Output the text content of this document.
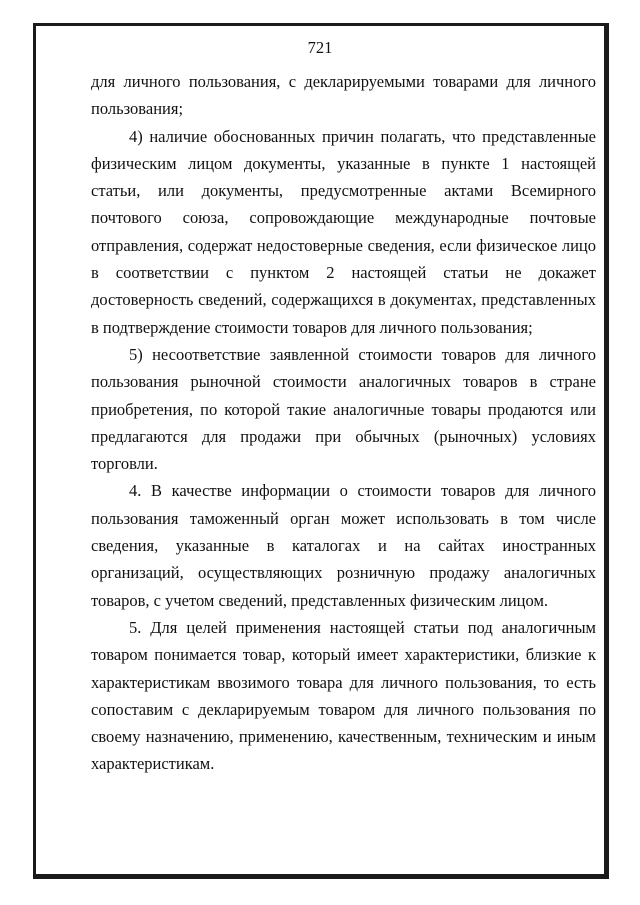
721

для личного пользования, с декларируемыми товарами для личного пользования;

4) наличие обоснованных причин полагать, что представленные физическим лицом документы, указанные в пункте 1 настоящей статьи, или документы, предусмотренные актами Всемирного почтового союза, сопровождающие международные почтовые отправления, содержат недостоверные сведения, если физическое лицо в соответствии с пунктом 2 настоящей статьи не докажет достоверность сведений, содержащихся в документах, представленных в подтверждение стоимости товаров для личного пользования;

5) несоответствие заявленной стоимости товаров для личного пользования рыночной стоимости аналогичных товаров в стране приобретения, по которой такие аналогичные товары продаются или предлагаются для продажи при обычных (рыночных) условиях торговли.

4. В качестве информации о стоимости товаров для личного пользования таможенный орган может использовать в том числе сведения, указанные в каталогах и на сайтах иностранных организаций, осуществляющих розничную продажу аналогичных товаров, с учетом сведений, представленных физическим лицом.

5. Для целей применения настоящей статьи под аналогичным товаром понимается товар, который имеет характеристики, близкие к характеристикам ввозимого товара для личного пользования, то есть сопоставим с декларируемым товаром для личного пользования по своему назначению, применению, качественным, техническим и иным характеристикам.
